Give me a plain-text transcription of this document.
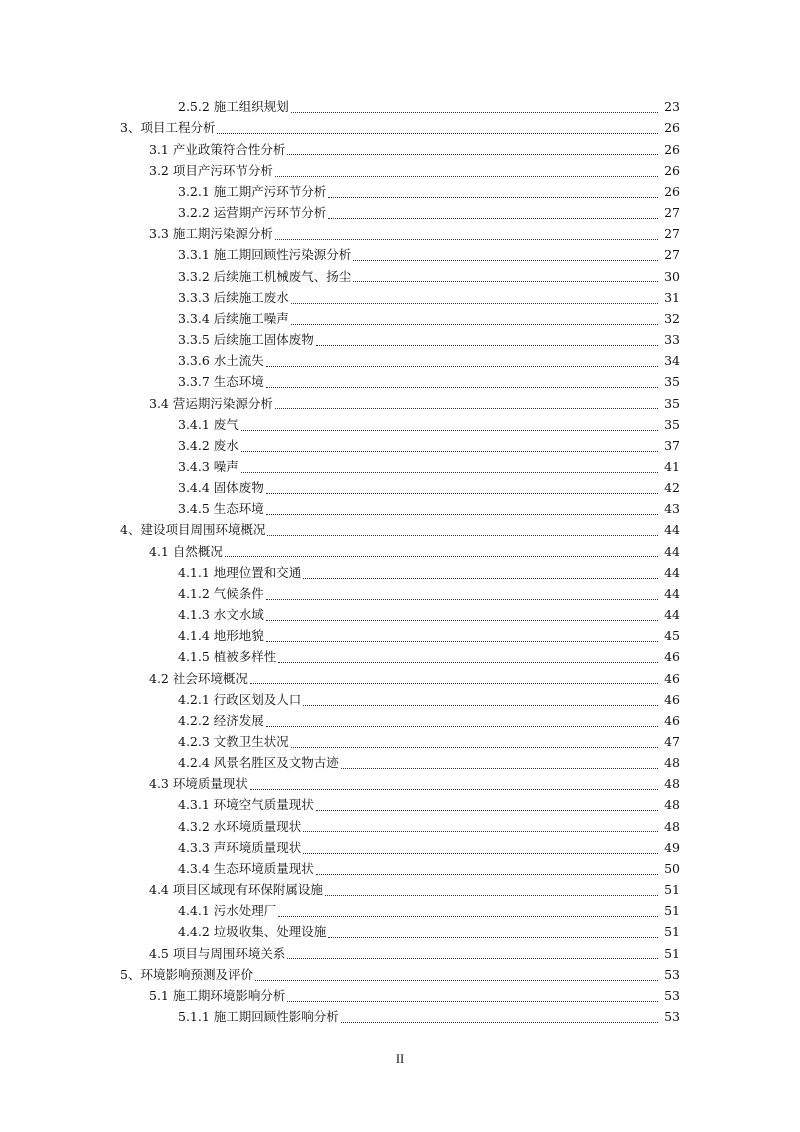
2.5.2 施工组织规划	23
3、项目工程分析	26
3.1 产业政策符合性分析	26
3.2 项目产污环节分析	26
3.2.1 施工期产污环节分析	26
3.2.2 运营期产污环节分析	27
3.3 施工期污染源分析	27
3.3.1 施工期回顾性污染源分析	27
3.3.2 后续施工机械废气、扬尘	30
3.3.3 后续施工废水	31
3.3.4 后续施工噪声	32
3.3.5 后续施工固体废物	33
3.3.6 水土流失	34
3.3.7 生态环境	35
3.4 营运期污染源分析	35
3.4.1 废气	35
3.4.2 废水	37
3.4.3 噪声	41
3.4.4 固体废物	42
3.4.5 生态环境	43
4、建设项目周围环境概况	44
4.1 自然概况	44
4.1.1 地理位置和交通	44
4.1.2 气候条件	44
4.1.3 水文水域	44
4.1.4 地形地貌	45
4.1.5 植被多样性	46
4.2 社会环境概况	46
4.2.1 行政区划及人口	46
4.2.2 经济发展	46
4.2.3 文教卫生状况	47
4.2.4 风景名胜区及文物古迹	48
4.3 环境质量现状	48
4.3.1 环境空气质量现状	48
4.3.2 水环境质量现状	48
4.3.3 声环境质量现状	49
4.3.4 生态环境质量现状	50
4.4 项目区域现有环保附属设施	51
4.4.1 污水处理厂	51
4.4.2 垃圾收集、处理设施	51
4.5 项目与周围环境关系	51
5、环境影响预测及评价	53
5.1 施工期环境影响分析	53
5.1.1 施工期回顾性影响分析	53
II
